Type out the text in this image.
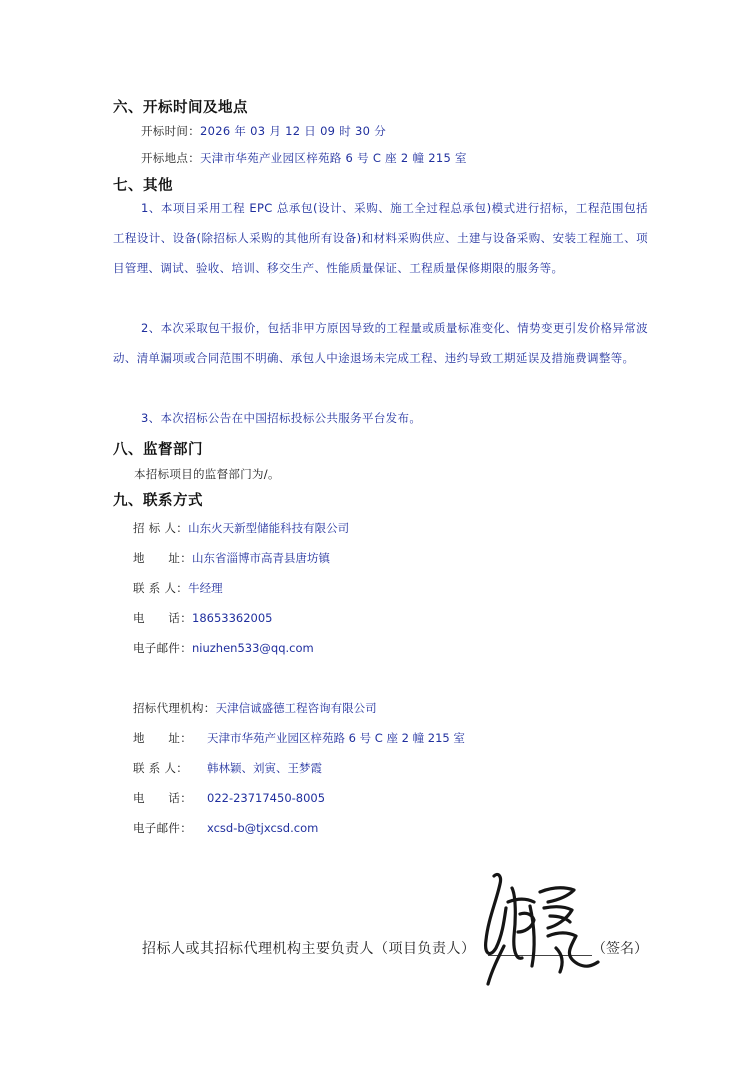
六、开标时间及地点
开标时间：2026 年 03 月 12 日 09 时 30 分
开标地点：天津市华苑产业园区梓苑路 6 号 C 座 2 幢 215 室
七、其他
1、本项目采用工程 EPC 总承包(设计、采购、施工全过程总承包)模式进行招标，工程范围包括工程设计、设备(除招标人采购的其他所有设备)和材料采购供应、土建与设备采购、安装工程施工、项目管理、调试、验收、培训、移交生产、性能质量保证、工程质量保修期限的服务等。
2、本次采取包干报价，包括非甲方原因导致的工程量或质量标准变化、情势变更引发价格异常波动、清单漏项或合同范围不明确、承包人中途退场未完成工程、违约导致工期延误及措施费调整等。
3、本次招标公告在中国招标投标公共服务平台发布。
八、监督部门
本招标项目的监督部门为/。
九、联系方式
招 标 人：山东火天新型储能科技有限公司
地　　址：山东省淄博市高青县唐坊镇
联 系 人：牛经理
电　　话：18653362005
电子邮件：niuzhen533@qq.com
招标代理机构：天津信诚盛德工程咨询有限公司
地　　址： 天津市华苑产业园区梓苑路 6 号 C 座 2 幢 215 室
联 系 人： 韩林颖、刘寅、王梦霞
电　　话： 022-23717450-8005
电子邮件： xcsd-b@tjxcsd.com
招标人或其招标代理机构主要负责人（项目负责人）	（签名）
